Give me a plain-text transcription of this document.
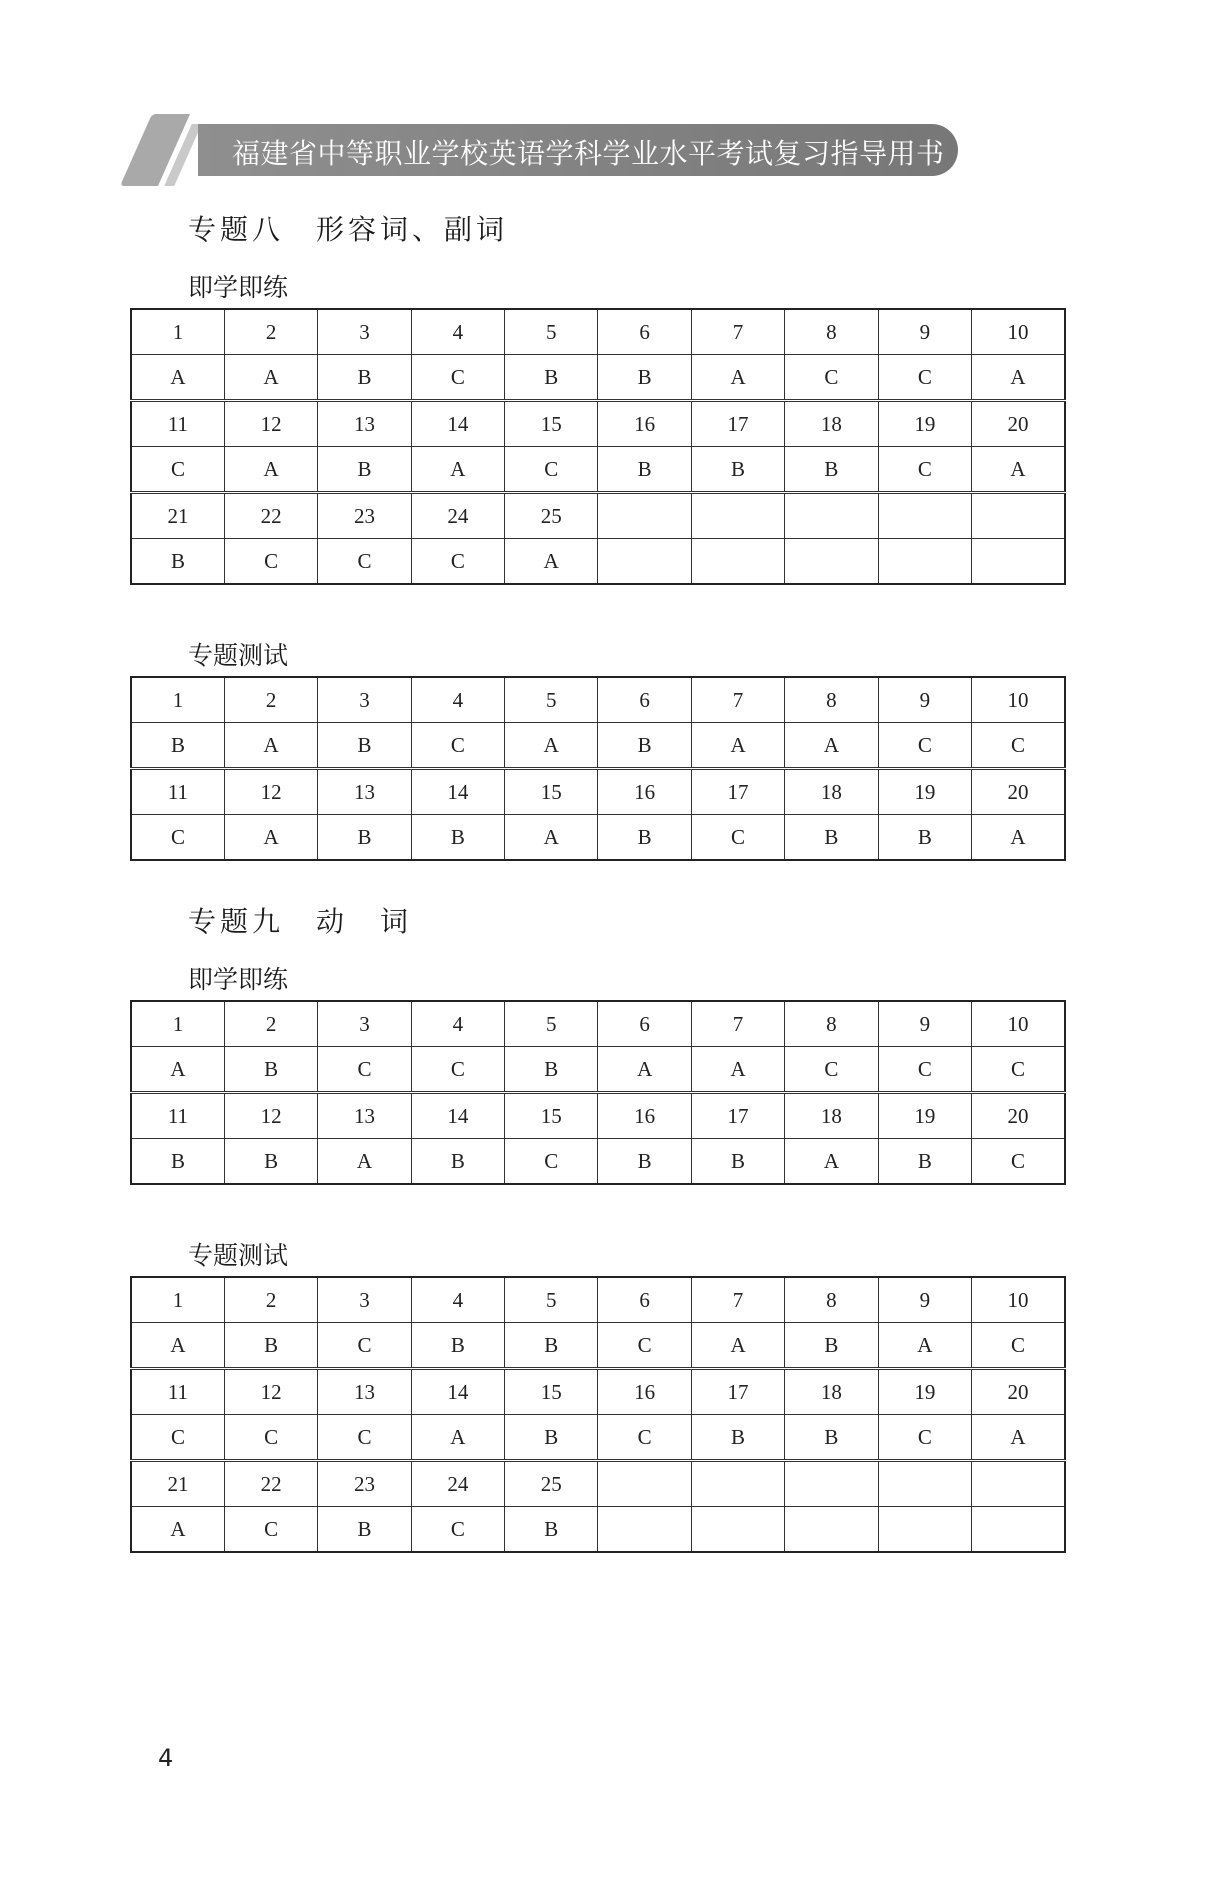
福建省中等职业学校英语学科学业水平考试复习指导用书
专题八　形容词、副词
即学即练
1	2	3	4	5	6	7	8	9	10
A	A	B	C	B	B	A	C	C	A
11	12	13	14	15	16	17	18	19	20
C	A	B	A	C	B	B	B	C	A
21	22	23	24	25					
B	C	C	C	A					
专题测试
1	2	3	4	5	6	7	8	9	10
B	A	B	C	A	B	A	A	C	C
11	12	13	14	15	16	17	18	19	20
C	A	B	B	A	B	C	B	B	A
专题九　动　词
即学即练
1	2	3	4	5	6	7	8	9	10
A	B	C	C	B	A	A	C	C	C
11	12	13	14	15	16	17	18	19	20
B	B	A	B	C	B	B	A	B	C
专题测试
1	2	3	4	5	6	7	8	9	10
A	B	C	B	B	C	A	B	A	C
11	12	13	14	15	16	17	18	19	20
C	C	C	A	B	C	B	B	C	A
21	22	23	24	25					
A	C	B	C	B					
4
